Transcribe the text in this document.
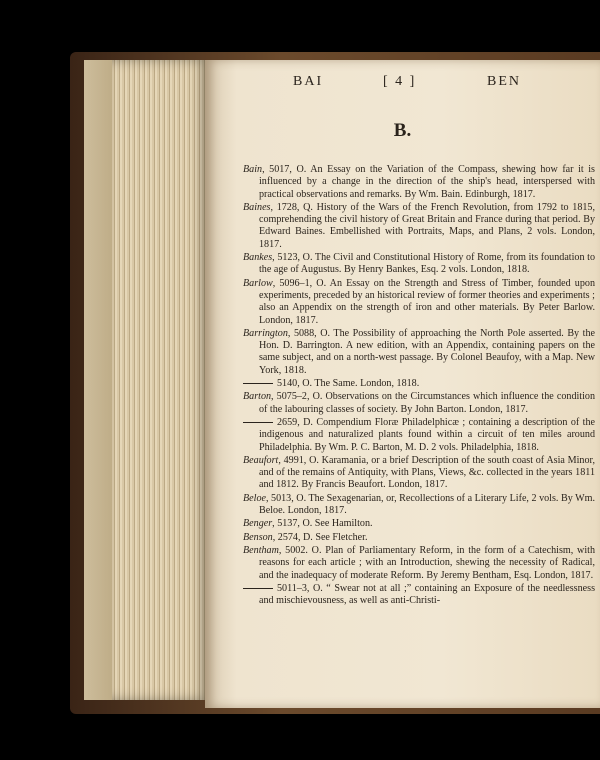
BAI	[ 4 ]	BEN
B.
Bain, 5017, O. An Essay on the Variation of the Compass, shewing how far it is influenced by a change in the direction of the ship's head, interspersed with practical observations and remarks. By Wm. Bain. Edinburgh, 1817.
Baines, 1728, Q. History of the Wars of the French Revolution, from 1792 to 1815, comprehending the civil history of Great Britain and France during that period. By Edward Baines. Embellished with Portraits, Maps, and Plans, 2 vols. London, 1817.
Bankes, 5123, O. The Civil and Constitutional History of Rome, from its foundation to the age of Augustus. By Henry Bankes, Esq. 2 vols. London, 1818.
Barlow, 5096–1, O. An Essay on the Strength and Stress of Timber, founded upon experiments, preceded by an historical review of former theories and experiments ; also an Appendix on the strength of iron and other materials. By Peter Barlow. London, 1817.
Barrington, 5088, O. The Possibility of approaching the North Pole asserted. By the Hon. D. Barrington. A new edition, with an Appendix, containing papers on the same subject, and on a north-west passage. By Colonel Beaufoy, with a Map. New York, 1818.
5140, O. The Same. London, 1818.
Barton, 5075–2, O. Observations on the Circumstances which influence the condition of the labouring classes of society. By John Barton. London, 1817.
2659, D. Compendium Floræ Philadelphicæ ; containing a description of the indigenous and naturalized plants found within a circuit of ten miles around Philadelphia. By Wm. P. C. Barton, M. D. 2 vols. Philadelphia, 1818.
Beaufort, 4991, O. Karamania, or a brief Description of the south coast of Asia Minor, and of the remains of Antiquity, with Plans, Views, &c. collected in the years 1811 and 1812. By Francis Beaufort. London, 1817.
Beloe, 5013, O. The Sexagenarian, or, Recollections of a Literary Life, 2 vols. By Wm. Beloe. London, 1817.
Benger, 5137, O. See Hamilton.
Benson, 2574, D. See Fletcher.
Bentham, 5002. O. Plan of Parliamentary Reform, in the form of a Catechism, with reasons for each article ; with an Introduction, shewing the necessity of Radical, and the inadequacy of moderate Reform. By Jeremy Bentham, Esq. London, 1817.
5011–3, O. “ Swear not at all ;” containing an Exposure of the needlessness and mischievousness, as well as anti-Christi-
